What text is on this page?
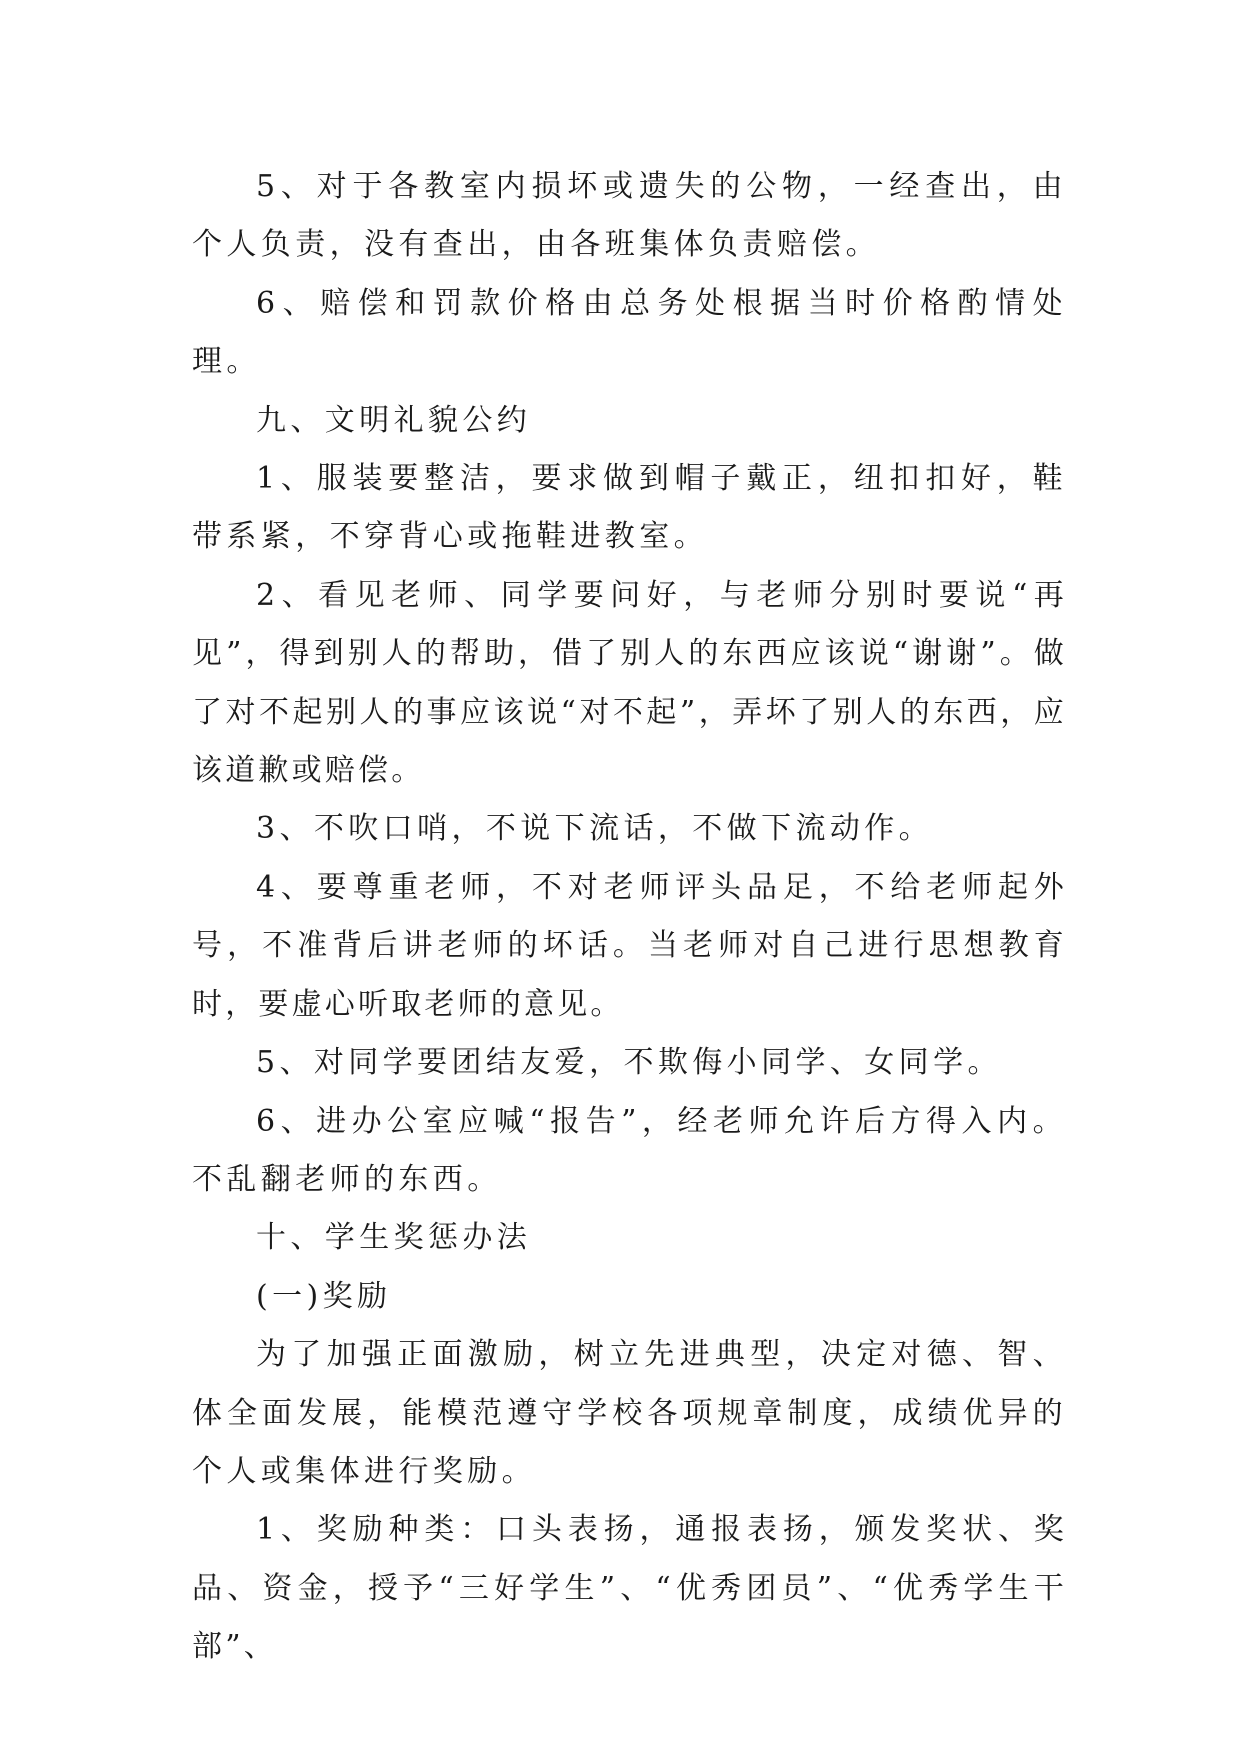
5、对于各教室内损坏或遗失的公物，一经查出，由个人负责，没有查出，由各班集体负责赔偿。

6、赔偿和罚款价格由总务处根据当时价格酌情处理。

九、文明礼貌公约

1、服装要整洁，要求做到帽子戴正，纽扣扣好，鞋带系紧，不穿背心或拖鞋进教室。

2、看见老师、同学要问好，与老师分别时要说“再见”，得到别人的帮助，借了别人的东西应该说“谢谢”。做了对不起别人的事应该说“对不起”，弄坏了别人的东西，应该道歉或赔偿。

3、不吹口哨，不说下流话，不做下流动作。

4、要尊重老师，不对老师评头品足，不给老师起外号，不准背后讲老师的坏话。当老师对自己进行思想教育时，要虚心听取老师的意见。

5、对同学要团结友爱，不欺侮小同学、女同学。

6、进办公室应喊“报告”，经老师允许后方得入内。不乱翻老师的东西。

十、学生奖惩办法

(一)奖励

为了加强正面激励，树立先进典型，决定对德、智、体全面发展，能模范遵守学校各项规章制度，成绩优异的个人或集体进行奖励。

1、奖励种类：口头表扬，通报表扬，颁发奖状、奖品、资金，授予“三好学生”、“优秀团员”、“优秀学生干部”、
